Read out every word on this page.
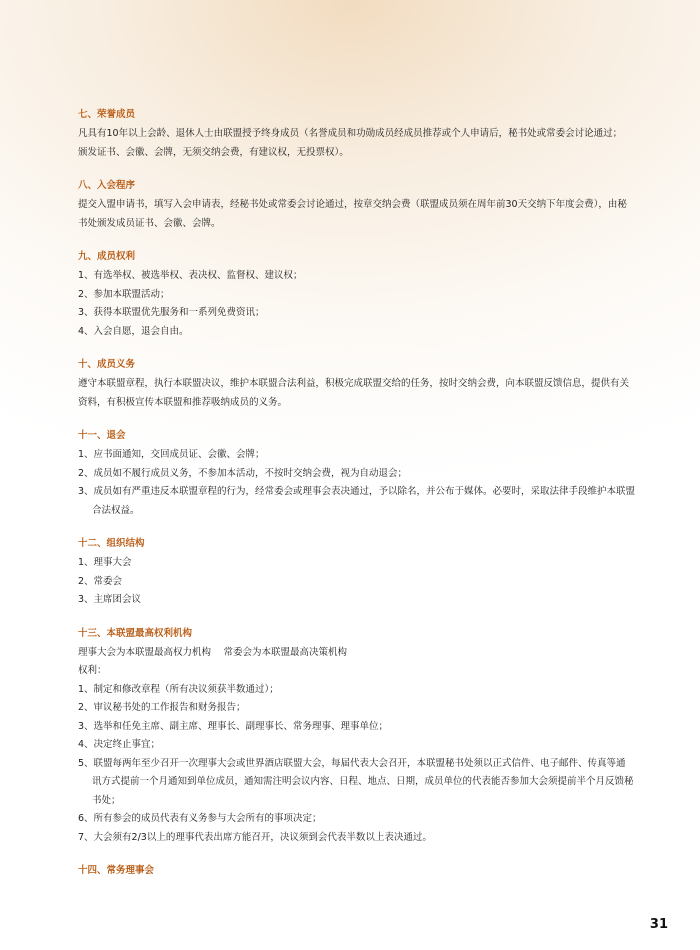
七、荣誉成员
凡具有10年以上会龄、退休人士由联盟授予终身成员（名誉成员和功勋成员经成员推荐或个人申请后，秘书处或常委会讨论通过；
颁发证书、会徽、会牌，无须交纳会费，有建议权，无投票权）。
八、入会程序
提交入盟申请书，填写入会申请表，经秘书处或常委会讨论通过，按章交纳会费（联盟成员须在周年前30天交纳下年度会费），由秘
书处颁发成员证书、会徽、会牌。
九、成员权利
1、有选举权、被选举权、表决权、监督权、建议权；
2、参加本联盟活动；
3、获得本联盟优先服务和一系列免费资讯；
4、入会自愿，退会自由。
十、成员义务
遵守本联盟章程，执行本联盟决议，维护本联盟合法利益，积极完成联盟交给的任务，按时交纳会费，向本联盟反馈信息，提供有关
资料，有积极宣传本联盟和推荐吸纳成员的义务。
十一、退会
1、应书面通知，交回成员证、会徽、会牌；
2、成员如不履行成员义务，不参加本活动，不按时交纳会费，视为自动退会；
3、成员如有严重违反本联盟章程的行为，经常委会或理事会表决通过，予以除名，并公布于媒体。必要时，采取法律手段维护本联盟
合法权益。
十二、组织结构
1、理事大会
2、常委会
3、主席团会议
十三、本联盟最高权利机构
理事大会为本联盟最高权力机构　 常委会为本联盟最高决策机构
权利：
1、制定和修改章程（所有决议须获半数通过）；
2、审议秘书处的工作报告和财务报告；
3、选举和任免主席、副主席、理事长、副理事长、常务理事、理事单位；
4、决定终止事宜；
5、联盟每两年至少召开一次理事大会或世界酒店联盟大会，每届代表大会召开，本联盟秘书处须以正式信件、电子邮件、传真等通
讯方式提前一个月通知到单位成员，通知需注明会议内容、日程、地点、日期，成员单位的代表能否参加大会须提前半个月反馈秘
书处；
6、所有参会的成员代表有义务参与大会所有的事项决定；
7、大会须有2/3以上的理事代表出席方能召开，决议须到会代表半数以上表决通过。
十四、常务理事会
31
